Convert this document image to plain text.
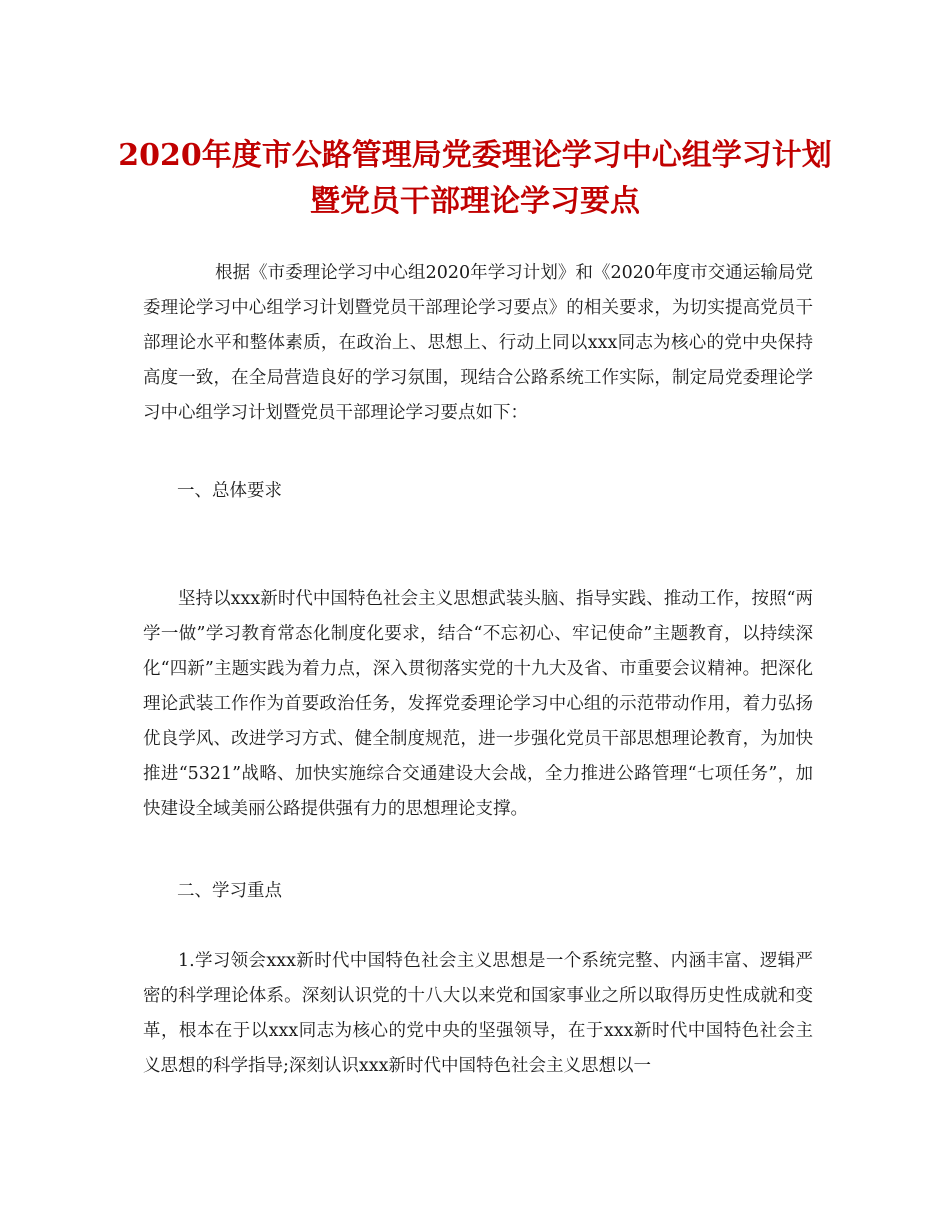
2020年度市公路管理局党委理论学习中心组学习计划
暨党员干部理论学习要点

根据《市委理论学习中心组2020年学习计划》和《2020年度市交通运输局党委理论学习中心组学习计划暨党员干部理论学习要点》的相关要求，为切实提高党员干部理论水平和整体素质，在政治上、思想上、行动上同以xxx同志为核心的党中央保持高度一致，在全局营造良好的学习氛围，现结合公路系统工作实际，制定局党委理论学习中心组学习计划暨党员干部理论学习要点如下：

一、总体要求

坚持以xxx新时代中国特色社会主义思想武装头脑、指导实践、推动工作，按照“两学一做”学习教育常态化制度化要求，结合“不忘初心、牢记使命”主题教育，以持续深化“四新”主题实践为着力点，深入贯彻落实党的十九大及省、市重要会议精神。把深化理论武装工作作为首要政治任务，发挥党委理论学习中心组的示范带动作用，着力弘扬优良学风、改进学习方式、健全制度规范，进一步强化党员干部思想理论教育，为加快推进“5321”战略、加快实施综合交通建设大会战，全力推进公路管理“七项任务”，加快建设全域美丽公路提供强有力的思想理论支撑。

二、学习重点

1.学习领会xxx新时代中国特色社会主义思想是一个系统完整、内涵丰富、逻辑严密的科学理论体系。深刻认识党的十八大以来党和国家事业之所以取得历史性成就和变革，根本在于以xxx同志为核心的党中央的坚强领导，在于xxx新时代中国特色社会主义思想的科学指导;深刻认识xxx新时代中国特色社会主义思想以一
